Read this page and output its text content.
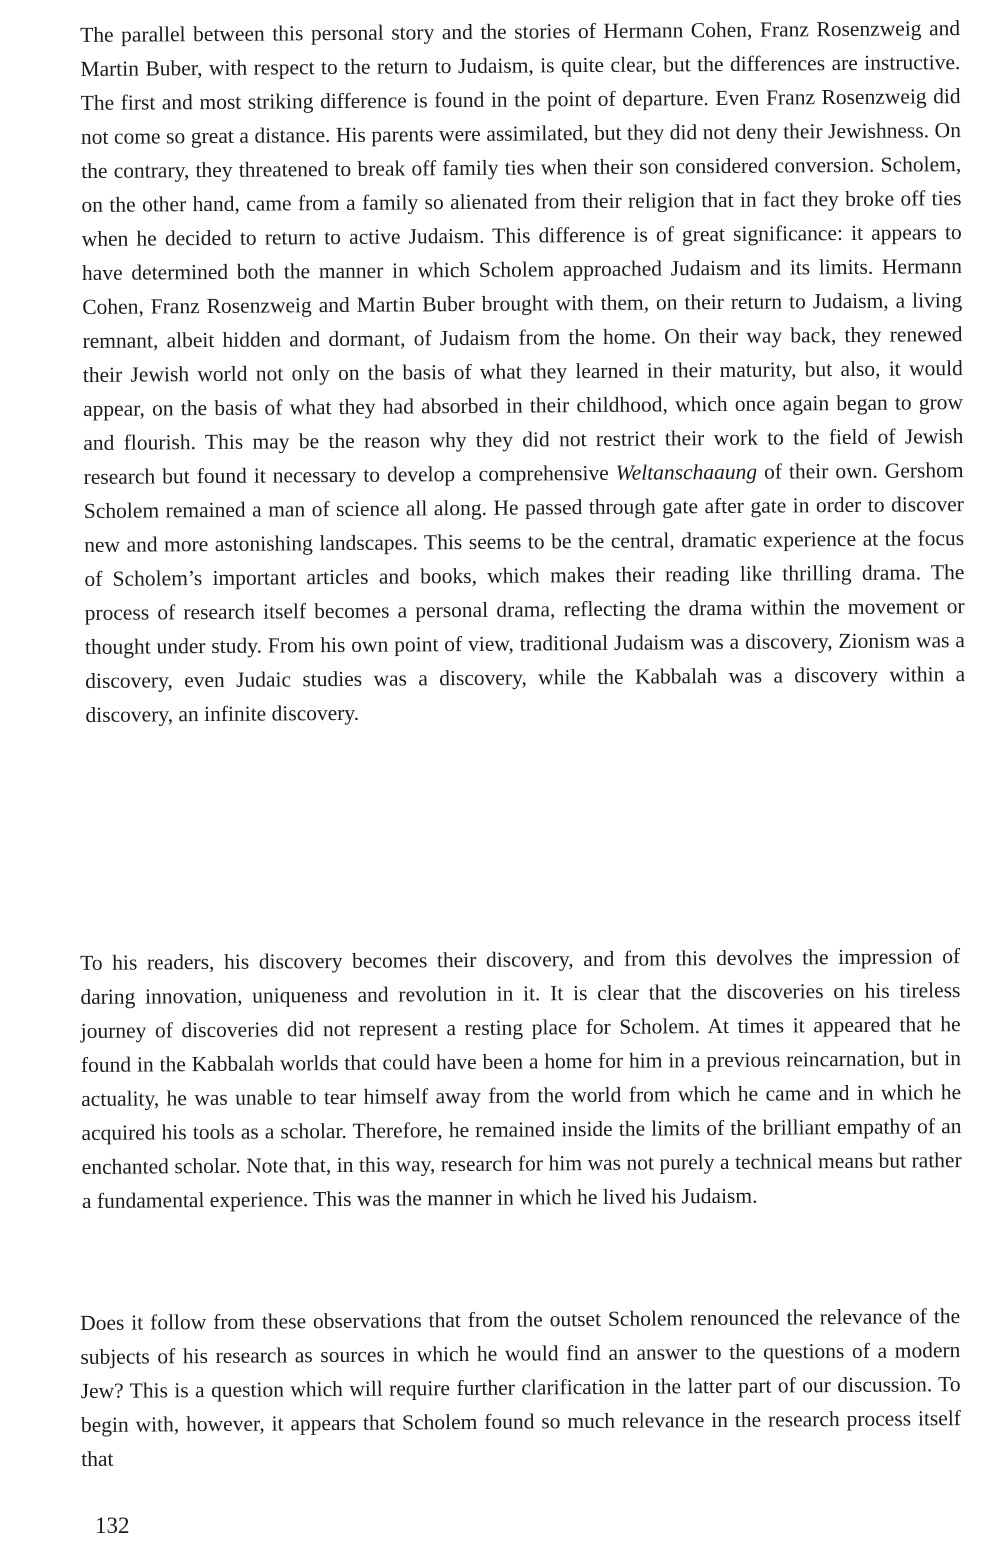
The parallel between this personal story and the stories of Hermann Cohen, Franz Rosenzweig and Martin Buber, with respect to the return to Judaism, is quite clear, but the differences are instructive. The first and most striking difference is found in the point of departure. Even Franz Rosenzweig did not come so great a distance. His parents were assimilated, but they did not deny their Jewishness. On the contrary, they threatened to break off family ties when their son considered conversion. Scholem, on the other hand, came from a family so alienated from their religion that in fact they broke off ties when he decided to return to active Judaism. This difference is of great significance: it appears to have determined both the manner in which Scholem approached Judaism and its limits. Hermann Cohen, Franz Rosenzweig and Martin Buber brought with them, on their return to Judaism, a living remnant, albeit hidden and dormant, of Judaism from the home. On their way back, they renewed their Jewish world not only on the basis of what they learned in their maturity, but also, it would appear, on the basis of what they had absorbed in their childhood, which once again began to grow and flourish. This may be the reason why they did not restrict their work to the field of Jewish research but found it necessary to develop a comprehensive Weltanschaaung of their own. Gershom Scholem remained a man of science all along. He passed through gate after gate in order to discover new and more astonishing landscapes. This seems to be the central, dramatic experience at the focus of Scholem’s important articles and books, which makes their reading like thrilling drama. The process of research itself becomes a personal drama, reflecting the drama within the movement or thought under study. From his own point of view, traditional Judaism was a discovery, Zionism was a discovery, even Judaic studies was a discovery, while the Kabbalah was a discovery within a discovery, an infinite discovery.

To his readers, his discovery becomes their discovery, and from this devolves the impression of daring innovation, uniqueness and revolution in it. It is clear that the discoveries on his tireless journey of discoveries did not represent a resting place for Scholem. At times it appeared that he found in the Kabbalah worlds that could have been a home for him in a previous reincarnation, but in actuality, he was unable to tear himself away from the world from which he came and in which he acquired his tools as a scholar. Therefore, he remained inside the limits of the brilliant empathy of an enchanted scholar. Note that, in this way, research for him was not purely a technical means but rather a fundamental experience. This was the manner in which he lived his Judaism.

Does it follow from these observations that from the outset Scholem renounced the relevance of the subjects of his research as sources in which he would find an answer to the questions of a modern Jew? This is a question which will require further clarification in the latter part of our discussion. To begin with, however, it appears that Scholem found so much relevance in the research process itself that

132
